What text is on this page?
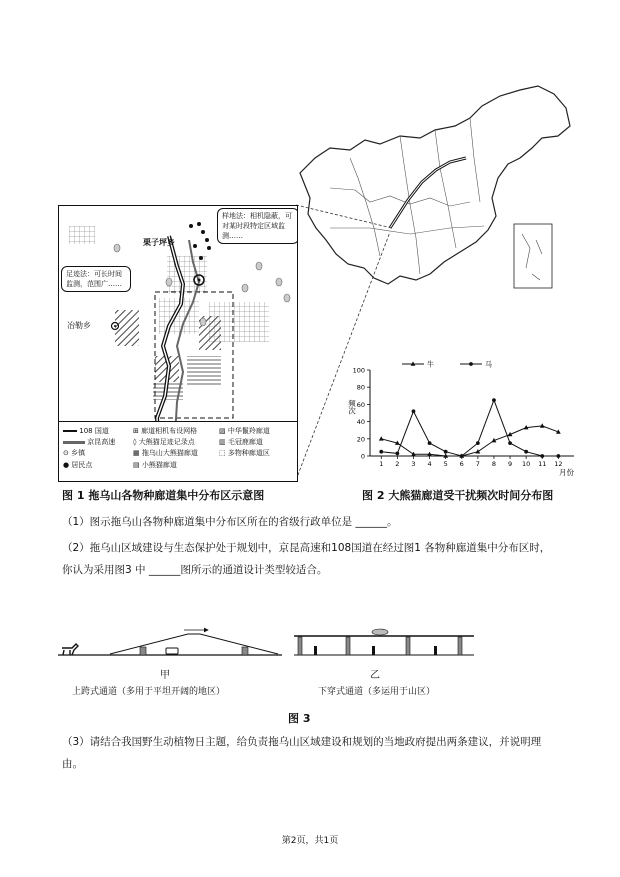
栗子坪乡
冶勒乡
样地法：相机隐蔽，可对某时段特定区域监测……
足迹法：可长时间监测，范围广……
108 国道
京昆高速
⊙ 乡镇
● 居民点
⊞ 廊道相机布设网格
◊ 大熊猫足迹记录点
▦ 拖乌山大熊猫廊道
▤ 小熊猫廊道
▨ 中华鬣羚廊道
▥ 毛冠鹿廊道
⬚ 多物种廊道区
图 1 拖乌山各物种廊道集中分布区示意图
0
20
40
60
80
100
1 2 3 4 5 6 7 8 9 10 11 12
频次
月份
牛	马
图 2 大熊猫廊道受干扰频次时间分布图
（1）图示拖乌山各物种廊道集中分布区所在的省级行政单位是 ______。
（2）拖乌山区域建设与生态保护处于规划中，京昆高速和108国道在经过图1 各物种廊道集中分布区时，
你认为采用图3 中 ______图所示的通道设计类型较适合。
甲	乙
上跨式通道（多用于平坦开阔的地区）	下穿式通道（多运用于山区）
图 3
（3）请结合我国野生动植物日主题，给负责拖乌山区域建设和规划的当地政府提出两条建议，并说明理
由。
第2页，共1页
